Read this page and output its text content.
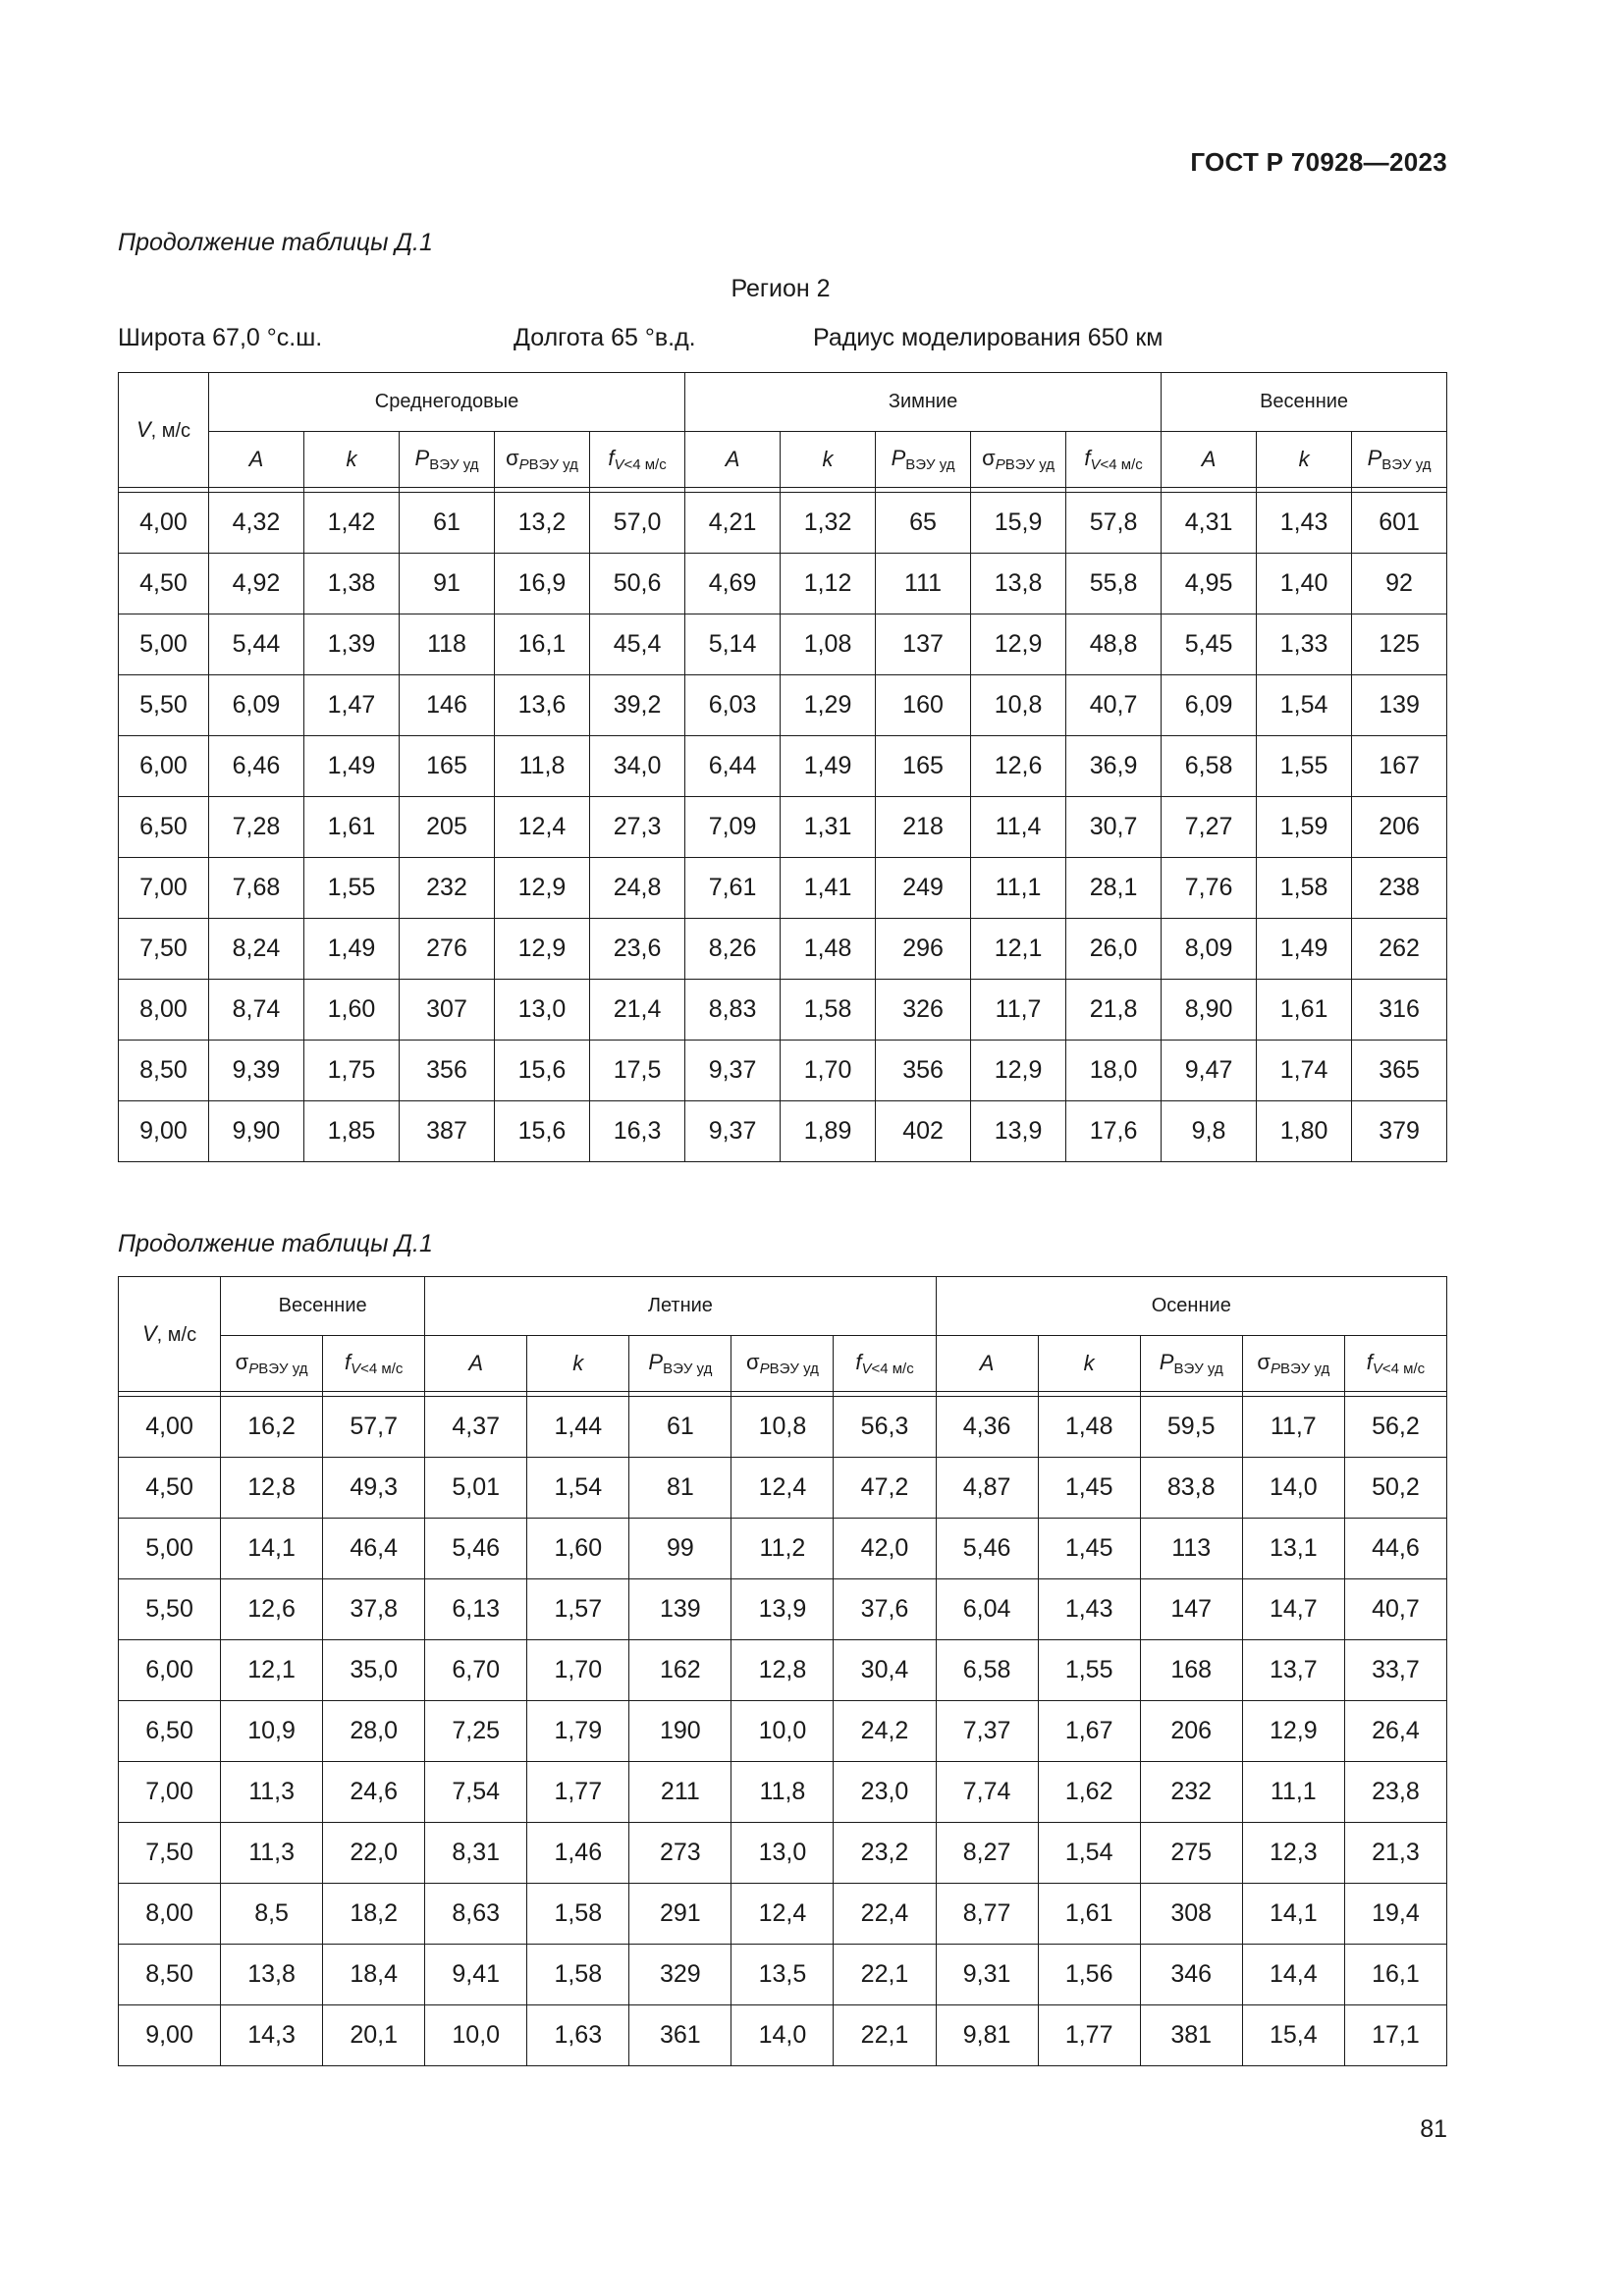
ГОСТ Р 70928—2023
Продолжение таблицы Д.1
Регион 2
Широта 67,0 °с.ш.	Долгота 65 °в.д.	Радиус моделирования 650 км
V, м/с	Среднегодовые					Зимние					Весенние		
	A	k	$P_{ВЭУ уд}$	$\sigma_{PВЭУ уд}$	$f_{V<4 м/с}$	A	k	$P_{ВЭУ уд}$	$\sigma_{PВЭУ уд}$	$f_{V<4 м/с}$	A	k	$P_{ВЭУ уд}$

4,00	4,32	1,42	61	13,2	57,0	4,21	1,32	65	15,9	57,8	4,31	1,43	601
4,50	4,92	1,38	91	16,9	50,6	4,69	1,12	111	13,8	55,8	4,95	1,40	92
5,00	5,44	1,39	118	16,1	45,4	5,14	1,08	137	12,9	48,8	5,45	1,33	125
5,50	6,09	1,47	146	13,6	39,2	6,03	1,29	160	10,8	40,7	6,09	1,54	139
6,00	6,46	1,49	165	11,8	34,0	6,44	1,49	165	12,6	36,9	6,58	1,55	167
6,50	7,28	1,61	205	12,4	27,3	7,09	1,31	218	11,4	30,7	7,27	1,59	206
7,00	7,68	1,55	232	12,9	24,8	7,61	1,41	249	11,1	28,1	7,76	1,58	238
7,50	8,24	1,49	276	12,9	23,6	8,26	1,48	296	12,1	26,0	8,09	1,49	262
8,00	8,74	1,60	307	13,0	21,4	8,83	1,58	326	11,7	21,8	8,90	1,61	316
8,50	9,39	1,75	356	15,6	17,5	9,37	1,70	356	12,9	18,0	9,47	1,74	365
9,00	9,90	1,85	387	15,6	16,3	9,37	1,89	402	13,9	17,6	9,8	1,80	379
Продолжение таблицы Д.1
V, м/с	Весенние		Летние					Осенние				
	$\sigma_{PВЭУ уд}$	$f_{V<4 м/с}$	A	k	$P_{ВЭУ уд}$	$\sigma_{PВЭУ уд}$	$f_{V<4 м/с}$	A	k	$P_{ВЭУ уд}$	$\sigma_{PВЭУ уд}$	$f_{V<4 м/с}$

4,00	16,2	57,7	4,37	1,44	61	10,8	56,3	4,36	1,48	59,5	11,7	56,2
4,50	12,8	49,3	5,01	1,54	81	12,4	47,2	4,87	1,45	83,8	14,0	50,2
5,00	14,1	46,4	5,46	1,60	99	11,2	42,0	5,46	1,45	113	13,1	44,6
5,50	12,6	37,8	6,13	1,57	139	13,9	37,6	6,04	1,43	147	14,7	40,7
6,00	12,1	35,0	6,70	1,70	162	12,8	30,4	6,58	1,55	168	13,7	33,7
6,50	10,9	28,0	7,25	1,79	190	10,0	24,2	7,37	1,67	206	12,9	26,4
7,00	11,3	24,6	7,54	1,77	211	11,8	23,0	7,74	1,62	232	11,1	23,8
7,50	11,3	22,0	8,31	1,46	273	13,0	23,2	8,27	1,54	275	12,3	21,3
8,00	8,5	18,2	8,63	1,58	291	12,4	22,4	8,77	1,61	308	14,1	19,4
8,50	13,8	18,4	9,41	1,58	329	13,5	22,1	9,31	1,56	346	14,4	16,1
9,00	14,3	20,1	10,0	1,63	361	14,0	22,1	9,81	1,77	381	15,4	17,1
81
